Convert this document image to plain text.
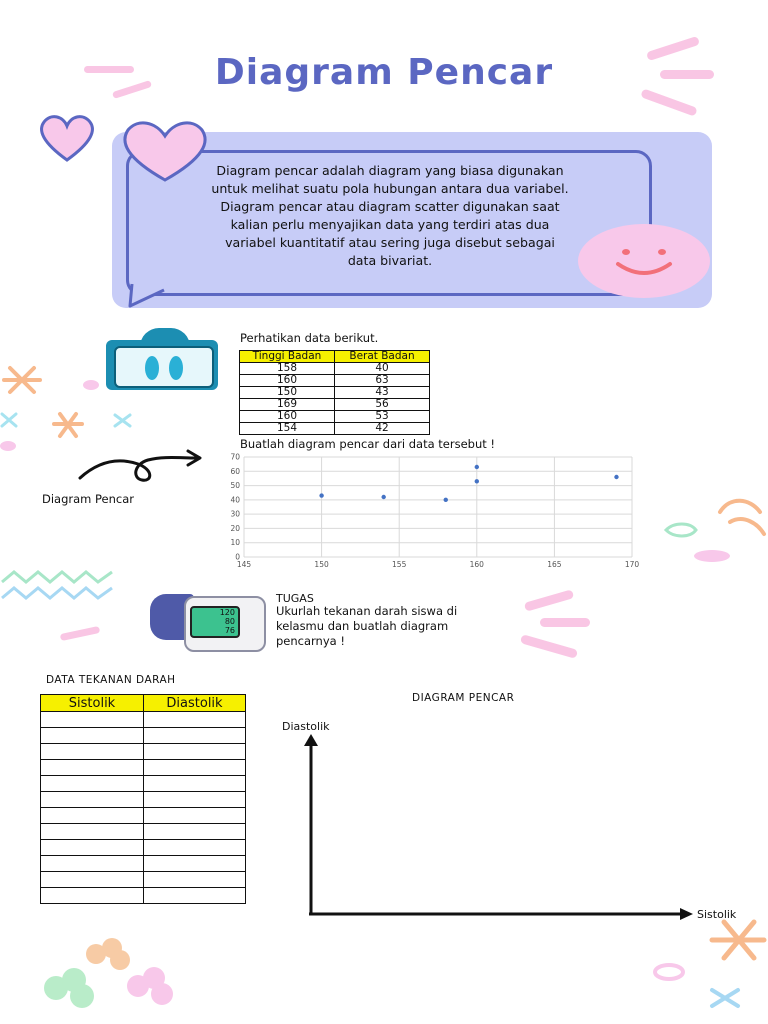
Diagram Pencar
Diagram pencar adalah diagram yang biasa digunakan
untuk melihat suatu pola hubungan antara dua variabel.
Diagram pencar atau diagram scatter digunakan saat
kalian perlu menyajikan data yang terdiri atas dua
variabel kuantitatif atau sering juga disebut sebagai
data bivariat.
Perhatikan data berikut.
Tinggi Badan	Berat Badan
158	40
160	63
150	43
169	56
160	53
154	42
Buatlah diagram pencar dari data tersebut !
Diagram Pencar
0
10
20
30
40
50
60
70
145	150	155	160	165	170
120
80
76
TUGAS
Ukurlah tekanan darah siswa di
kelasmu dan buatlah diagram
pencarnya !
DATA TEKANAN DARAH
Sistolik	Diastolik

		DIAGRAM PENCAR
Diastolik
Sistolik
